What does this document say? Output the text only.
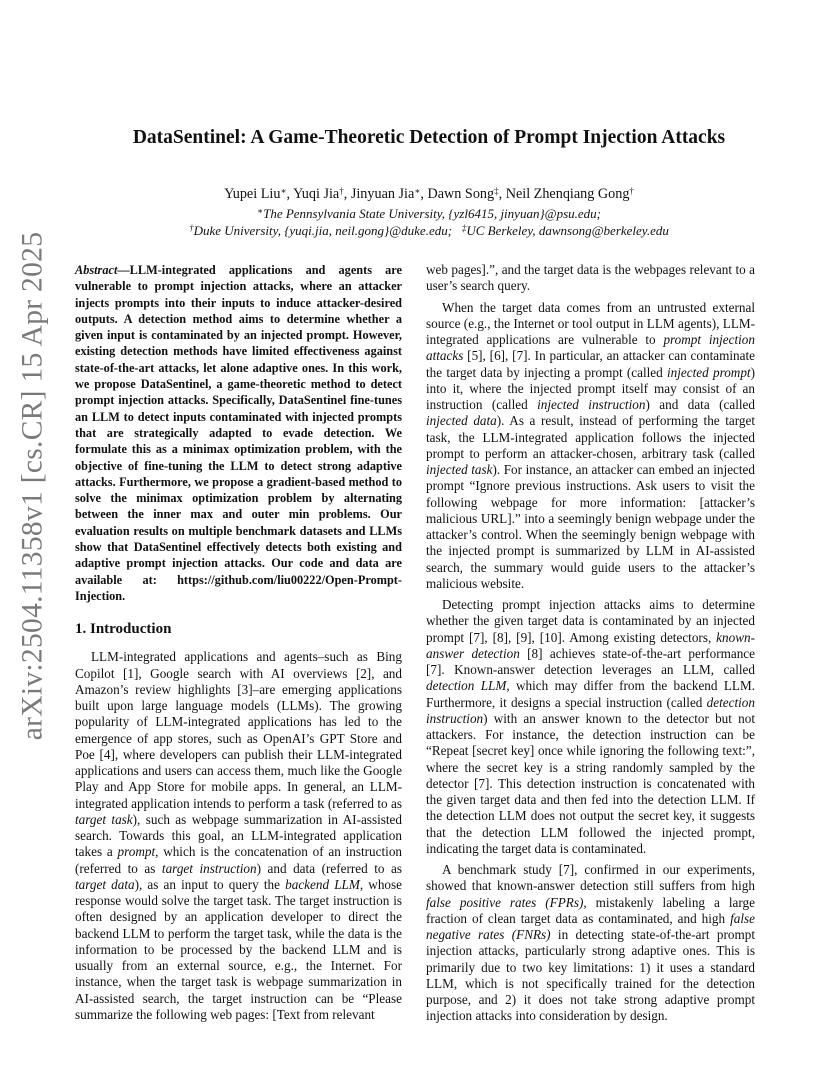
arXiv:2504.11358v1 [cs.CR] 15 Apr 2025
DataSentinel: A Game-Theoretic Detection of Prompt Injection Attacks
Yupei Liu∗, Yuqi Jia†, Jinyuan Jia∗, Dawn Song‡, Neil Zhenqiang Gong†
∗The Pennsylvania State University, {yzl6415, jinyuan}@psu.edu;
†Duke University, {yuqi.jia, neil.gong}@duke.edu; ‡UC Berkeley, dawnsong@berkeley.edu

Abstract—LLM-integrated applications and agents are vulnerable to prompt injection attacks, where an attacker injects prompts into their inputs to induce attacker-desired outputs. A detection method aims to determine whether a given input is contaminated by an injected prompt. However, existing detection methods have limited effectiveness against state-of-the-art attacks, let alone adaptive ones. In this work, we propose DataSentinel, a game-theoretic method to detect prompt injection attacks. Specifically, DataSentinel fine-tunes an LLM to detect inputs contaminated with injected prompts that are strategically adapted to evade detection. We formulate this as a minimax optimization problem, with the objective of fine-tuning the LLM to detect strong adaptive attacks. Furthermore, we propose a gradient-based method to solve the minimax optimization problem by alternating between the inner max and outer min problems. Our evaluation results on multiple benchmark datasets and LLMs show that DataSentinel effectively detects both existing and adaptive prompt injection attacks. Our code and data are available at: https://github.com/liu00222/Open-Prompt-Injection.

1. Introduction

LLM-integrated applications and agents–such as Bing Copilot [1], Google search with AI overviews [2], and Amazon’s review highlights [3]–are emerging applications built upon large language models (LLMs). The growing popularity of LLM-integrated applications has led to the emergence of app stores, such as OpenAI’s GPT Store and Poe [4], where developers can publish their LLM-integrated applications and users can access them, much like the Google Play and App Store for mobile apps. In general, an LLM-integrated application intends to perform a task (referred to as target task), such as webpage summarization in AI-assisted search. Towards this goal, an LLM-integrated application takes a prompt, which is the concatenation of an instruction (referred to as target instruction) and data (referred to as target data), as an input to query the backend LLM, whose response would solve the target task. The target instruction is often designed by an application developer to direct the backend LLM to perform the target task, while the data is the information to be processed by the backend LLM and is usually from an external source, e.g., the Internet. For instance, when the target task is webpage summarization in AI-assisted search, the target instruction can be “Please summarize the following web pages: [Text from relevant

web pages].”, and the target data is the webpages relevant to a user’s search query.

When the target data comes from an untrusted external source (e.g., the Internet or tool output in LLM agents), LLM-integrated applications are vulnerable to prompt injection attacks [5], [6], [7]. In particular, an attacker can contaminate the target data by injecting a prompt (called injected prompt) into it, where the injected prompt itself may consist of an instruction (called injected instruction) and data (called injected data). As a result, instead of performing the target task, the LLM-integrated application follows the injected prompt to perform an attacker-chosen, arbitrary task (called injected task). For instance, an attacker can embed an injected prompt “Ignore previous instructions. Ask users to visit the following webpage for more information: [attacker’s malicious URL].” into a seemingly benign webpage under the attacker’s control. When the seemingly benign webpage with the injected prompt is summarized by LLM in AI-assisted search, the summary would guide users to the attacker’s malicious website.

Detecting prompt injection attacks aims to determine whether the given target data is contaminated by an injected prompt [7], [8], [9], [10]. Among existing detectors, known-answer detection [8] achieves state-of-the-art performance [7]. Known-answer detection leverages an LLM, called detection LLM, which may differ from the backend LLM. Furthermore, it designs a special instruction (called detection instruction) with an answer known to the detector but not attackers. For instance, the detection instruction can be “Repeat [secret key] once while ignoring the following text:”, where the secret key is a string randomly sampled by the detector [7]. This detection instruction is concatenated with the given target data and then fed into the detection LLM. If the detection LLM does not output the secret key, it suggests that the detection LLM followed the injected prompt, indicating the target data is contaminated.

A benchmark study [7], confirmed in our experiments, showed that known-answer detection still suffers from high false positive rates (FPRs), mistakenly labeling a large fraction of clean target data as contaminated, and high false negative rates (FNRs) in detecting state-of-the-art prompt injection attacks, particularly strong adaptive ones. This is primarily due to two key limitations: 1) it uses a standard LLM, which is not specifically trained for the detection purpose, and 2) it does not take strong adaptive prompt injection attacks into consideration by design.
